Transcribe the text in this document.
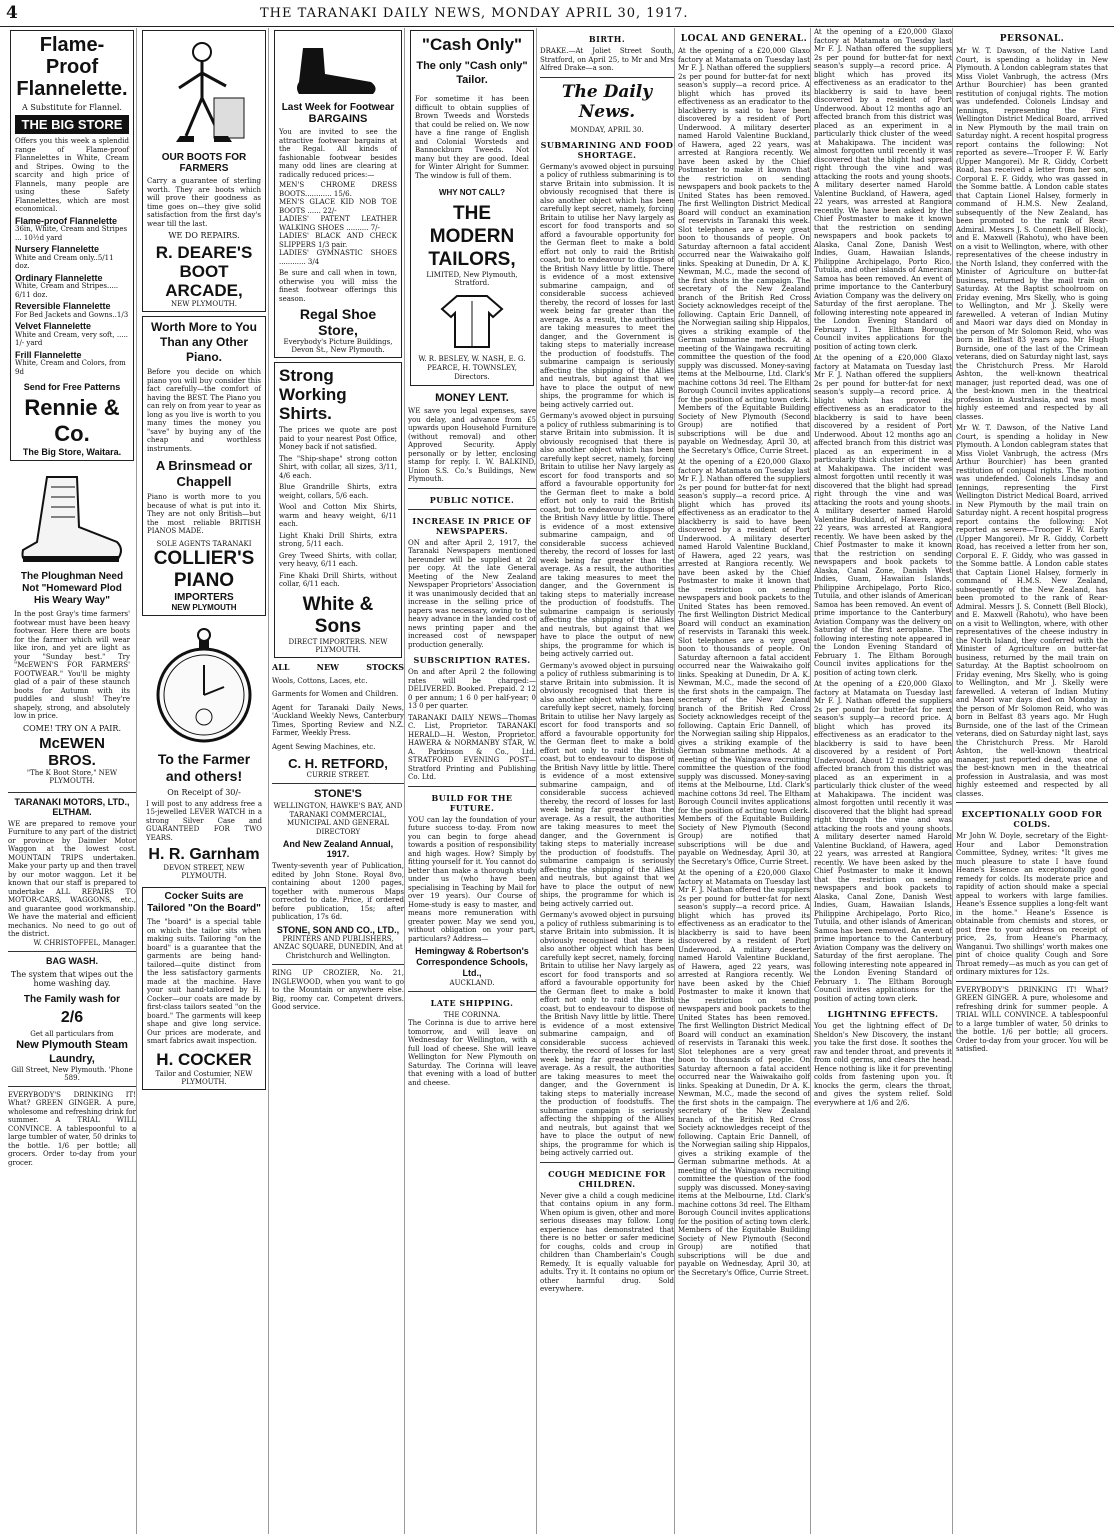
4	THE TARANAKI DAILY NEWS, MONDAY APRIL 30, 1917.
Flame-Proof Flannelette.
A Substitute for Flannel.
THE BIG STORE
Offers you this week a splendid range of Flame-proof Flannelettes in White, Cream and Stripes. Owing to the scarcity and high price of Flannels, many people are using these Safety Flannelettes, which are most economical.
Flame-proof Flannelette
36in, White, Cream and Stripes ... 10½d yard
Nursery Flannelette
White and Cream only..5/11 doz.
Ordinary Flannelette
White, Cream and Stripes..... 6/11 doz.
Reversible Flannelette
For Bed Jackets and Gowns..1/3
Velvet Flannelette
White and Cream, very soft, ..... 1/- yard
Frill Flannelette
White, Cream and Colors, from 9d
Send for Free Patterns
Rennie & Co.
The Big Store, Waitara.
The Ploughman Need Not "Homeward Plod His Weary Way"
In the post Gray's time farmers' footwear must have been heavy footwear. Here there are boots for the farmer which will wear like iron, and yet are light as your "Sunday best." Try "McEWEN'S FOR FARMERS' FOOTWEAR." You'll be mighty glad of a pair of these staunch boots for Autumn with its puddles and slush! They're shapely, strong, and absolutely low in price.
COME! TRY ON A PAIR.
McEWEN BROS.
"The K Boot Store," NEW PLYMOUTH.
TARANAKI MOTORS, LTD., ELTHAM.
WE are prepared to remove your Furniture to any part of the district or province by Daimler Motor Waggon at the lowest cost. MOUNTAIN TRIPS undertaken. Make your party up and then travel by our motor waggon. Let it be known that our staff is prepared to undertake ALL REPAIRS TO MOTOR-CARS, WAGGONS, etc., and guarantee good workmanship. We have the material and efficient mechanics. No need to go out of the district.
W. CHRISTOFFEL, Manager.
BAG WASH.
The system that wipes out the home washing day.
The Family wash for
2/6
Get all particulars from
New Plymouth Steam Laundry,
Gill Street, New Plymouth. 'Phone 589.
EVERYBODY'S DRINKING IT! What? GREEN GINGER. A pure, wholesome and refreshing drink for summer. A TRIAL WILL CONVINCE. A tablespoonful to a large tumbler of water, 50 drinks to the bottle. 1/6 per bottle; all grocers. Order to-day from your grocer.
OUR BOOTS FOR FARMERS
Carry a guarantee of sterling worth. They are boots which will prove their goodness as time goes on—they give solid satisfaction from the first day's wear till the last.
WE DO REPAIRS.
R. DEARE'S BOOT ARCADE,
NEW PLYMOUTH.
Worth More to You Than any Other Piano.
Before you decide on which piano you will buy consider this fact carefully—the comfort of having the BEST. The Piano you can rely on from year to year as long as you live is worth to you many times the money you "save" by buying any of the cheap and worthless instruments.
A Brinsmead or Chappell
Piano is worth more to you because of what is put into it. They are not only British—but the most reliable BRITISH PIANOS MADE.
SOLE AGENTS TARANAKI
COLLIER'S PIANO
IMPORTERS
NEW PLYMOUTH
To the Farmer and others!
On Receipt of 30/-
I will post to any address free a 15-jewelled LEVER WATCH in a strong Silver Case and GUARANTEED FOR TWO YEARS.
H. R. Garnham
DEVON STREET, NEW PLYMOUTH.
Cocker Suits are Tailored "On the Board"
The "board" is a special table on which the tailor sits when making suits. Tailoring "on the board" is a guarantee that the garments are being hand-tailored—quite distinct from the less satisfactory garments made at the machine. Have your suit hand-tailored by H. Cocker—our coats are made by first-class tailors seated "on the board." The garments will keep shape and give long service. Our prices are moderate, and smart fabrics await inspection.
H. COCKER
Tailor and Costumier, NEW PLYMOUTH.
Last Week for Footwear
BARGAINS
You are invited to see the attractive footwear bargains at the Regal. All kinds of fashionable footwear besides many odd lines are clearing at radically reduced prices:—
MEN'S CHROME DRESS BOOTS............ 15/6.
MEN'S GLACE KID NOB TOE BOOTS ...... 22/-
LADIES' PATENT LEATHER WALKING SHOES .......... 7/-
LADIES' BLACK AND CHECK SLIPPERS 1/3 pair.
LADIES' GYMNASTIC SHOES ............ 3/4
Be sure and call when in town, otherwise you will miss the finest footwear offerings this season.
Regal Shoe Store,
Everybody's Picture Buildings, Devon St., New Plymouth.
Strong Working Shirts.
The prices we quote are post paid to your nearest Post Office, Money back if not satisfied.
The "Ship-shape" strong cotton Shirt, with collar, all sizes, 3/11, 4/6 each.
Blue Grandrille Shirts, extra weight, collars, 5/6 each.
Wool and Cotton Mix Shirts, warm and heavy weight, 6/11 each.
Light Khaki Drill Shirts, extra strong, 5/11 each.
Grey Tweed Shirts, with collar, very heavy, 6/11 each.
Fine Khaki Drill Shirts, without collar, 6/11 each.
White & Sons
DIRECT IMPORTERS. NEW PLYMOUTH.
ALL	NEW	STOCKS
Wools, Cottons, Laces, etc.
Garments for Women and Children.
Agent for Taranaki Daily News, 'Auckland Weekly News, Canterbury Times, Sporting Review and N.Z. Farmer, Weekly Press.
Agent Sewing Machines, etc.
C. H. RETFORD,
CURRIE STREET.
STONE'S
WELLINGTON, HAWKE'S BAY, AND TARANAKI COMMERCIAL, MUNICIPAL AND GENERAL DIRECTORY
And New Zealand Annual, 1917.
Twenty-seventh year of Publication, edited by John Stone. Royal 8vo, containing about 1200 pages, together with numerous Maps corrected to date. Price, if ordered before publication, 15s; after publication, 17s 6d.
STONE, SON AND CO., LTD.,
PRINTERS AND PUBLISHERS, ANZAC SQUARE, DUNEDIN, And at Christchurch and Wellington.
RING UP CROZIER, No. 21, INGLEWOOD, when you want to go to the Mountain or anywhere else. Big, roomy car. Competent drivers. Good service.
"Cash Only"
The only "Cash only" Tailor.
For sometime it has been difficult to obtain supplies of Brown Tweeds and Worsteds that could be relied on. We now have a fine range of English and Colonial Worsteds and Bannockburn Tweeds. Not many but they are good. Ideal for Winter Alright for Summer. The window is full of them.
WHY NOT CALL?
THE MODERN TAILORS,
LIMITED, New Plymouth, Stratford.
W. R. BESLEY, W. NASH, E. G. PEARCE, H. TOWNSLEY, Directors.
MONEY LENT.
WE save you legal expenses, save you delay, and advance from £5 upwards upon Household Furniture (without removal) and other Approved Security. Apply personally or by letter, enclosing stamp for reply. I. W. BALKIND, Union S.S. Co.'s Buildings, New Plymouth.
PUBLIC NOTICE.
INCREASE IN PRICE OF NEWSPAPERS.
ON and after April 2, 1917, the Taranaki Newspapers mentioned hereunder will be supplied at 2d per copy. At the late General Meeting of the New Zealand Newspaper Proprietors' Association it was unanimously decided that an increase in the selling price of papers was necessary, owing to the heavy advance in the landed cost of news printing paper and the increased cost of newspaper production generally.
SUBSCRIPTION RATES.
On and after April 2 the following rates will be charged:— DELIVERED. Booked. Prepaid. 2 12 0 per annum; 1 6 0 per half-year; 0 13 0 per quarter.
TARANAKI DAILY NEWS—Thomas C. List, Proprietor. TARANAKI HERALD—H. Weston, Proprietor. HAWERA & NORMANBY STAR, W. A. Parkinson & Co., Ltd. STRATFORD EVENING POST—Stratford Printing and Publishing Co. Ltd.
BUILD FOR THE FUTURE.
YOU can lay the foundation of your future success to-day. From now you can begin to forge ahead towards a position of responsibility and high wages. How? Simply by fitting yourself for it. You cannot do better than make a thorough study under us (who have been specialising in Teaching by Mail for over 19 years). Our Course of Home-study is easy to master, and means more remuneration with greater power. May we send you, without obligation on your part, particulars? Address—
Hemingway & Robertson's Correspondence Schools, Ltd.,
AUCKLAND.
LATE SHIPPING.
THE CORINNA.
The Corinna is due to arrive here tomorrow, and will leave on Wednesday for Wellington, with a full load of cheese. She will leave Wellington for New Plymouth on Saturday. The Corinna will leave that evening with a load of butter and cheese.
BIRTH.
DRAKE.—At Joliet Street South, Stratford, on April 25, to Mr and Mrs Alfred Drake—a son.
The Daily News.
MONDAY, APRIL 30.
SUBMARINING AND FOOD SHORTAGE.
Germany's avowed object in pursuing a policy of ruthless submarining is to starve Britain into submission. It is obviously recognised that there is also another object which has been carefully kept secret, namely, forcing Britain to utilise her Navy largely as escort for food transports and so afford a favourable opportunity for the German fleet to make a bold effort not only to raid the British coast, but to endeavour to dispose of the British Navy little by little. There is evidence of a most extensive submarine campaign, and of considerable success achieved thereby, the record of losses for last week being far greater than the average. As a result, the authorities are taking measures to meet the danger, and the Government is taking steps to materially increase the production of foodstuffs. The submarine campaign is seriously affecting the shipping of the Allies and neutrals, but against that we have to place the output of new ships, the programme for which is being actively carried out.
Germany's avowed object in pursuing a policy of ruthless submarining is to starve Britain into submission. It is obviously recognised that there is also another object which has been carefully kept secret, namely, forcing Britain to utilise her Navy largely as escort for food transports and so afford a favourable opportunity for the German fleet to make a bold effort not only to raid the British coast, but to endeavour to dispose of the British Navy little by little. There is evidence of a most extensive submarine campaign, and of considerable success achieved thereby, the record of losses for last week being far greater than the average. As a result, the authorities are taking measures to meet the danger, and the Government is taking steps to materially increase the production of foodstuffs. The submarine campaign is seriously affecting the shipping of the Allies and neutrals, but against that we have to place the output of new ships, the programme for which is being actively carried out.
Germany's avowed object in pursuing a policy of ruthless submarining is to starve Britain into submission. It is obviously recognised that there is also another object which has been carefully kept secret, namely, forcing Britain to utilise her Navy largely as escort for food transports and so afford a favourable opportunity for the German fleet to make a bold effort not only to raid the British coast, but to endeavour to dispose of the British Navy little by little. There is evidence of a most extensive submarine campaign, and of considerable success achieved thereby, the record of losses for last week being far greater than the average. As a result, the authorities are taking measures to meet the danger, and the Government is taking steps to materially increase the production of foodstuffs. The submarine campaign is seriously affecting the shipping of the Allies and neutrals, but against that we have to place the output of new ships, the programme for which is being actively carried out.
Germany's avowed object in pursuing a policy of ruthless submarining is to starve Britain into submission. It is obviously recognised that there is also another object which has been carefully kept secret, namely, forcing Britain to utilise her Navy largely as escort for food transports and so afford a favourable opportunity for the German fleet to make a bold effort not only to raid the British coast, but to endeavour to dispose of the British Navy little by little. There is evidence of a most extensive submarine campaign, and of considerable success achieved thereby, the record of losses for last week being far greater than the average. As a result, the authorities are taking measures to meet the danger, and the Government is taking steps to materially increase the production of foodstuffs. The submarine campaign is seriously affecting the shipping of the Allies and neutrals, but against that we have to place the output of new ships, the programme for which is being actively carried out.
COUGH MEDICINE FOR CHILDREN.
Never give a child a cough medicine that contains opium in any form. When opium is given, other and more serious diseases may follow. Long experience has demonstrated that there is no better or safer medicine for coughs, colds and croup in children than Chamberlain's Cough Remedy. It is equally valuable for adults. Try it. It contains no opium or other harmful drug. Sold everywhere.
LOCAL AND GENERAL.
At the opening of a £20,000 Glaxo factory at Matamata on Tuesday last Mr F. J. Nathan offered the suppliers 2s per pound for butter-fat for next season's supply—a record price. A blight which has proved its effectiveness as an eradicator to the blackberry is said to have been discovered by a resident of Port Underwood. A military deserter named Harold Valentine Buckland, of Hawera, aged 22 years, was arrested at Rangiora recently. We have been asked by the Chief Postmaster to make it known that the restriction on sending newspapers and book packets to the United States has been removed. The first Wellington District Medical Board will conduct an examination of reservists in Taranaki this week. Slot telephones are a very great boon to thousands of people. On Saturday afternoon a fatal accident occurred near the Waiwakaiho golf links. Speaking at Dunedin, Dr A. K. Newman, M.C., made the second of the first shots in the campaign. The secretary of the New Zealand branch of the British Red Cross Society acknowledges receipt of the following. Captain Eric Dannell, of the Norwegian sailing ship Hippalos, gives a striking example of the German submarine methods. At a meeting of the Waingawa recruiting committee the question of the food supply was discussed. Money-saving items at the Melbourne, Ltd. Clark's machine cottons 3d reel. The Eltham Borough Council invites applications for the position of acting town clerk. Members of the Equitable Building Society of New Plymouth (Second Group) are notified that subscriptions will be due and payable on Wednesday, April 30, at the Secretary's Office, Currie Street.
At the opening of a £20,000 Glaxo factory at Matamata on Tuesday last Mr F. J. Nathan offered the suppliers 2s per pound for butter-fat for next season's supply—a record price. A blight which has proved its effectiveness as an eradicator to the blackberry is said to have been discovered by a resident of Port Underwood. A military deserter named Harold Valentine Buckland, of Hawera, aged 22 years, was arrested at Rangiora recently. We have been asked by the Chief Postmaster to make it known that the restriction on sending newspapers and book packets to the United States has been removed. The first Wellington District Medical Board will conduct an examination of reservists in Taranaki this week. Slot telephones are a very great boon to thousands of people. On Saturday afternoon a fatal accident occurred near the Waiwakaiho golf links. Speaking at Dunedin, Dr A. K. Newman, M.C., made the second of the first shots in the campaign. The secretary of the New Zealand branch of the British Red Cross Society acknowledges receipt of the following. Captain Eric Dannell, of the Norwegian sailing ship Hippalos, gives a striking example of the German submarine methods. At a meeting of the Waingawa recruiting committee the question of the food supply was discussed. Money-saving items at the Melbourne, Ltd. Clark's machine cottons 3d reel. The Eltham Borough Council invites applications for the position of acting town clerk. Members of the Equitable Building Society of New Plymouth (Second Group) are notified that subscriptions will be due and payable on Wednesday, April 30, at the Secretary's Office, Currie Street.
At the opening of a £20,000 Glaxo factory at Matamata on Tuesday last Mr F. J. Nathan offered the suppliers 2s per pound for butter-fat for next season's supply—a record price. A blight which has proved its effectiveness as an eradicator to the blackberry is said to have been discovered by a resident of Port Underwood. A military deserter named Harold Valentine Buckland, of Hawera, aged 22 years, was arrested at Rangiora recently. We have been asked by the Chief Postmaster to make it known that the restriction on sending newspapers and book packets to the United States has been removed. The first Wellington District Medical Board will conduct an examination of reservists in Taranaki this week. Slot telephones are a very great boon to thousands of people. On Saturday afternoon a fatal accident occurred near the Waiwakaiho golf links. Speaking at Dunedin, Dr A. K. Newman, M.C., made the second of the first shots in the campaign. The secretary of the New Zealand branch of the British Red Cross Society acknowledges receipt of the following. Captain Eric Dannell, of the Norwegian sailing ship Hippalos, gives a striking example of the German submarine methods. At a meeting of the Waingawa recruiting committee the question of the food supply was discussed. Money-saving items at the Melbourne, Ltd. Clark's machine cottons 3d reel. The Eltham Borough Council invites applications for the position of acting town clerk. Members of the Equitable Building Society of New Plymouth (Second Group) are notified that subscriptions will be due and payable on Wednesday, April 30, at the Secretary's Office, Currie Street.
At the opening of a £20,000 Glaxo factory at Matamata on Tuesday last Mr F. J. Nathan offered the suppliers 2s per pound for butter-fat for next season's supply—a record price. A blight which has proved its effectiveness as an eradicator to the blackberry is said to have been discovered by a resident of Port Underwood. About 12 months ago an affected branch from this district was placed as an experiment in a particularly thick cluster of the weed at Mahakipawa. The incident was almost forgotten until recently it was discovered that the blight had spread right through the vine and was attacking the roots and young shoots. A military deserter named Harold Valentine Buckland, of Hawera, aged 22 years, was arrested at Rangiora recently. We have been asked by the Chief Postmaster to make it known that the restriction on sending newspapers and book packets to Alaska, Canal Zone, Danish West Indies, Guam, Hawaiian Islands, Philippine Archipelago, Porto Rico, Tutuila, and other islands of American Samoa has been removed. An event of prime importance to the Canterbury Aviation Company was the delivery on Saturday of the first aeroplane. The following interesting note appeared in the London Evening Standard of February 1. The Eltham Borough Council invites applications for the position of acting town clerk.
At the opening of a £20,000 Glaxo factory at Matamata on Tuesday last Mr F. J. Nathan offered the suppliers 2s per pound for butter-fat for next season's supply—a record price. A blight which has proved its effectiveness as an eradicator to the blackberry is said to have been discovered by a resident of Port Underwood. About 12 months ago an affected branch from this district was placed as an experiment in a particularly thick cluster of the weed at Mahakipawa. The incident was almost forgotten until recently it was discovered that the blight had spread right through the vine and was attacking the roots and young shoots. A military deserter named Harold Valentine Buckland, of Hawera, aged 22 years, was arrested at Rangiora recently. We have been asked by the Chief Postmaster to make it known that the restriction on sending newspapers and book packets to Alaska, Canal Zone, Danish West Indies, Guam, Hawaiian Islands, Philippine Archipelago, Porto Rico, Tutuila, and other islands of American Samoa has been removed. An event of prime importance to the Canterbury Aviation Company was the delivery on Saturday of the first aeroplane. The following interesting note appeared in the London Evening Standard of February 1. The Eltham Borough Council invites applications for the position of acting town clerk.
At the opening of a £20,000 Glaxo factory at Matamata on Tuesday last Mr F. J. Nathan offered the suppliers 2s per pound for butter-fat for next season's supply—a record price. A blight which has proved its effectiveness as an eradicator to the blackberry is said to have been discovered by a resident of Port Underwood. About 12 months ago an affected branch from this district was placed as an experiment in a particularly thick cluster of the weed at Mahakipawa. The incident was almost forgotten until recently it was discovered that the blight had spread right through the vine and was attacking the roots and young shoots. A military deserter named Harold Valentine Buckland, of Hawera, aged 22 years, was arrested at Rangiora recently. We have been asked by the Chief Postmaster to make it known that the restriction on sending newspapers and book packets to Alaska, Canal Zone, Danish West Indies, Guam, Hawaiian Islands, Philippine Archipelago, Porto Rico, Tutuila, and other islands of American Samoa has been removed. An event of prime importance to the Canterbury Aviation Company was the delivery on Saturday of the first aeroplane. The following interesting note appeared in the London Evening Standard of February 1. The Eltham Borough Council invites applications for the position of acting town clerk.
LIGHTNING EFFECTS.
You get the lightning effect of Dr Sheldon's New Discovery, the instant you take the first dose. It soothes the raw and tender throat, and prevents it from cold germs, and clears the head. Hence nothing is like it for preventing colds from fastening upon you. It knocks the germ, clears the throat, and gives the system relief. Sold everywhere at 1/6 and 2/6.
PERSONAL.
Mr W. T. Dawson, of the Native Land Court, is spending a holiday in New Plymouth. A London cablegram states that Miss Violet Vanbrugh, the actress (Mrs Arthur Bourchier) has been granted restitution of conjugal rights. The motion was undefended. Colonels Lindsay and Jennings, representing the First Wellington District Medical Board, arrived in New Plymouth by the mail train on Saturday night. A recent hospital progress report contains the following: Not reported as severe—Trooper F. W. Early (Upper Mangorei). Mr R. Giddy, Corbett Road, has received a letter from her son, Corporal E. F. Giddy, who was gassed in the Somme battle. A London cable states that Captain Lionel Halsey, formerly in command of H.M.S. New Zealand, subsequently of the New Zealand, has been promoted to the rank of Rear-Admiral. Messrs J. S. Connett (Bell Block), and E. Maxwell (Rahotu), who have been on a visit to Wellington, where, with other representatives of the cheese industry in the North Island, they conferred with the Minister of Agriculture on butter-fat business, returned by the mail train on Saturday. At the Baptist schoolroom on Friday evening, Mrs Skelly, who is going to Wellington, and Mr J. Skelly were farewelled. A veteran of Indian Mutiny and Maori war days died on Monday in the person of Mr Solomon Reid, who was born in Belfast 83 years ago. Mr Hugh Burnside, one of the last of the Crimean veterans, died on Saturday night last, says the Christchurch Press. Mr Harold Ashton, the well-known theatrical manager, just reported dead, was one of the best-known men in the theatrical profession in Australasia, and was most highly esteemed and respected by all classes.
Mr W. T. Dawson, of the Native Land Court, is spending a holiday in New Plymouth. A London cablegram states that Miss Violet Vanbrugh, the actress (Mrs Arthur Bourchier) has been granted restitution of conjugal rights. The motion was undefended. Colonels Lindsay and Jennings, representing the First Wellington District Medical Board, arrived in New Plymouth by the mail train on Saturday night. A recent hospital progress report contains the following: Not reported as severe—Trooper F. W. Early (Upper Mangorei). Mr R. Giddy, Corbett Road, has received a letter from her son, Corporal E. F. Giddy, who was gassed in the Somme battle. A London cable states that Captain Lionel Halsey, formerly in command of H.M.S. New Zealand, subsequently of the New Zealand, has been promoted to the rank of Rear-Admiral. Messrs J. S. Connett (Bell Block), and E. Maxwell (Rahotu), who have been on a visit to Wellington, where, with other representatives of the cheese industry in the North Island, they conferred with the Minister of Agriculture on butter-fat business, returned by the mail train on Saturday. At the Baptist schoolroom on Friday evening, Mrs Skelly, who is going to Wellington, and Mr J. Skelly were farewelled. A veteran of Indian Mutiny and Maori war days died on Monday in the person of Mr Solomon Reid, who was born in Belfast 83 years ago. Mr Hugh Burnside, one of the last of the Crimean veterans, died on Saturday night last, says the Christchurch Press. Mr Harold Ashton, the well-known theatrical manager, just reported dead, was one of the best-known men in the theatrical profession in Australasia, and was most highly esteemed and respected by all classes.
EXCEPTIONALLY GOOD FOR COLDS.
Mr John W. Doyle, secretary of the Eight-Hour and Labor Demonstration Committee, Sydney, writes: "It gives me much pleasure to state I have found Heane's Essence an exceptionally good remedy for colds. Its moderate price and rapidity of action should make a special appeal to workers with large families. Heane's Essence supplies a long-felt want in the home." Heane's Essence is obtainable from chemists and stores, or post free to your address on receipt of price, 2s, from Heane's Pharmacy, Wanganui. Two shillings' worth makes one pint of choice quality Cough and Sore Throat remedy—as much as you can get of ordinary mixtures for 12s.
EVERYBODY'S DRINKING IT! What? GREEN GINGER. A pure, wholesome and refreshing drink for summer people. A TRIAL WILL CONVINCE. A tablespoonful to a large tumbler of water, 50 drinks to the bottle. 1/6 per bottle; all grocers. Order to-day from your grocer. You will be satisfied.
